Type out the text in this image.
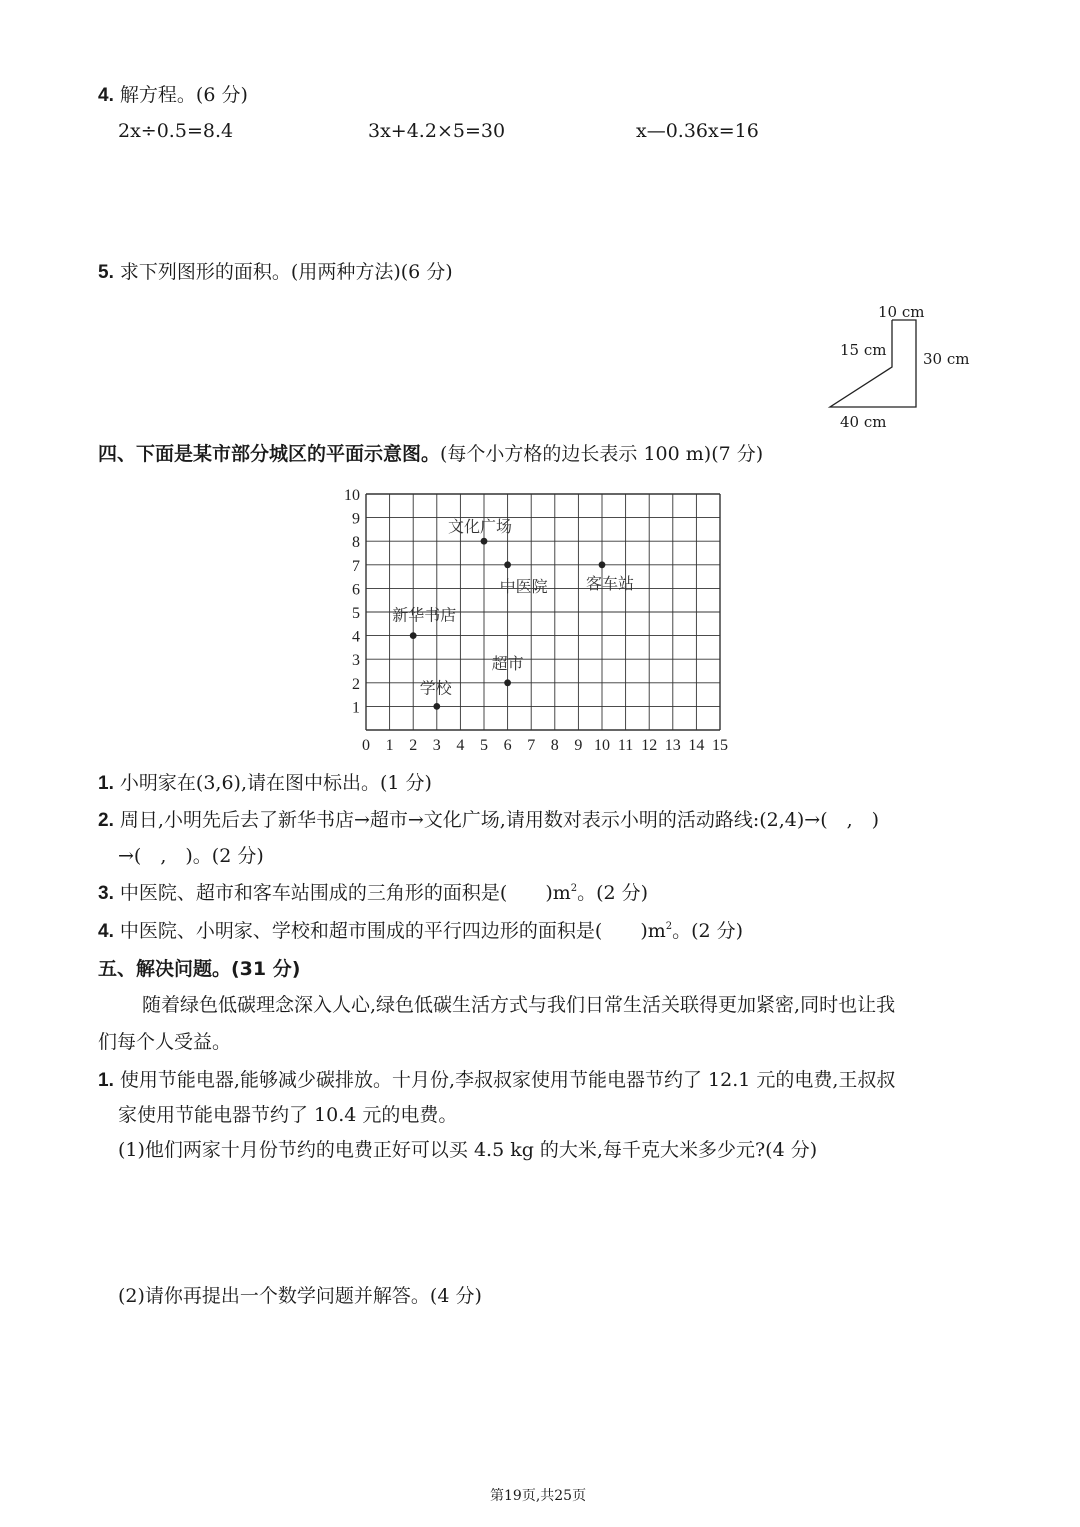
4. 解方程。(6 分)
2x÷0.5=8.4	3x+4.2×5=30	x—0.36x=16
5. 求下列图形的面积。(用两种方法)(6 分)
10 cm
15 cm 30 cm
40 cm
四、下面是某市部分城区的平面示意图。(每个小方格的边长表示 100 m)(7 分)
0 1 2 3 4 5 6 7 8 9 10 11 12 13 14 15
1
2
3
4
5
6
7
8
9
10
文化广场
中医院 客车站
新华书店
超市
学校
1. 小明家在(3,6),请在图中标出。(1 分)
2. 周日,小明先后去了新华书店→超市→文化广场,请用数对表示小明的活动路线:(2,4)→(　,　)
→(　,　)。(2 分)
3. 中医院、超市和客车站围成的三角形的面积是(　　)$m^2$。(2 分)
4. 中医院、小明家、学校和超市围成的平行四边形的面积是(　　)$m^2$。(2 分)
五、解决问题。(31 分)
随着绿色低碳理念深入人心,绿色低碳生活方式与我们日常生活关联得更加紧密,同时也让我
们每个人受益。
1. 使用节能电器,能够减少碳排放。十月份,李叔叔家使用节能电器节约了 12.1 元的电费,王叔叔
家使用节能电器节约了 10.4 元的电费。
(1)他们两家十月份节约的电费正好可以买 4.5 kg 的大米,每千克大米多少元?(4 分)
(2)请你再提出一个数学问题并解答。(4 分)
第19页,共25页
